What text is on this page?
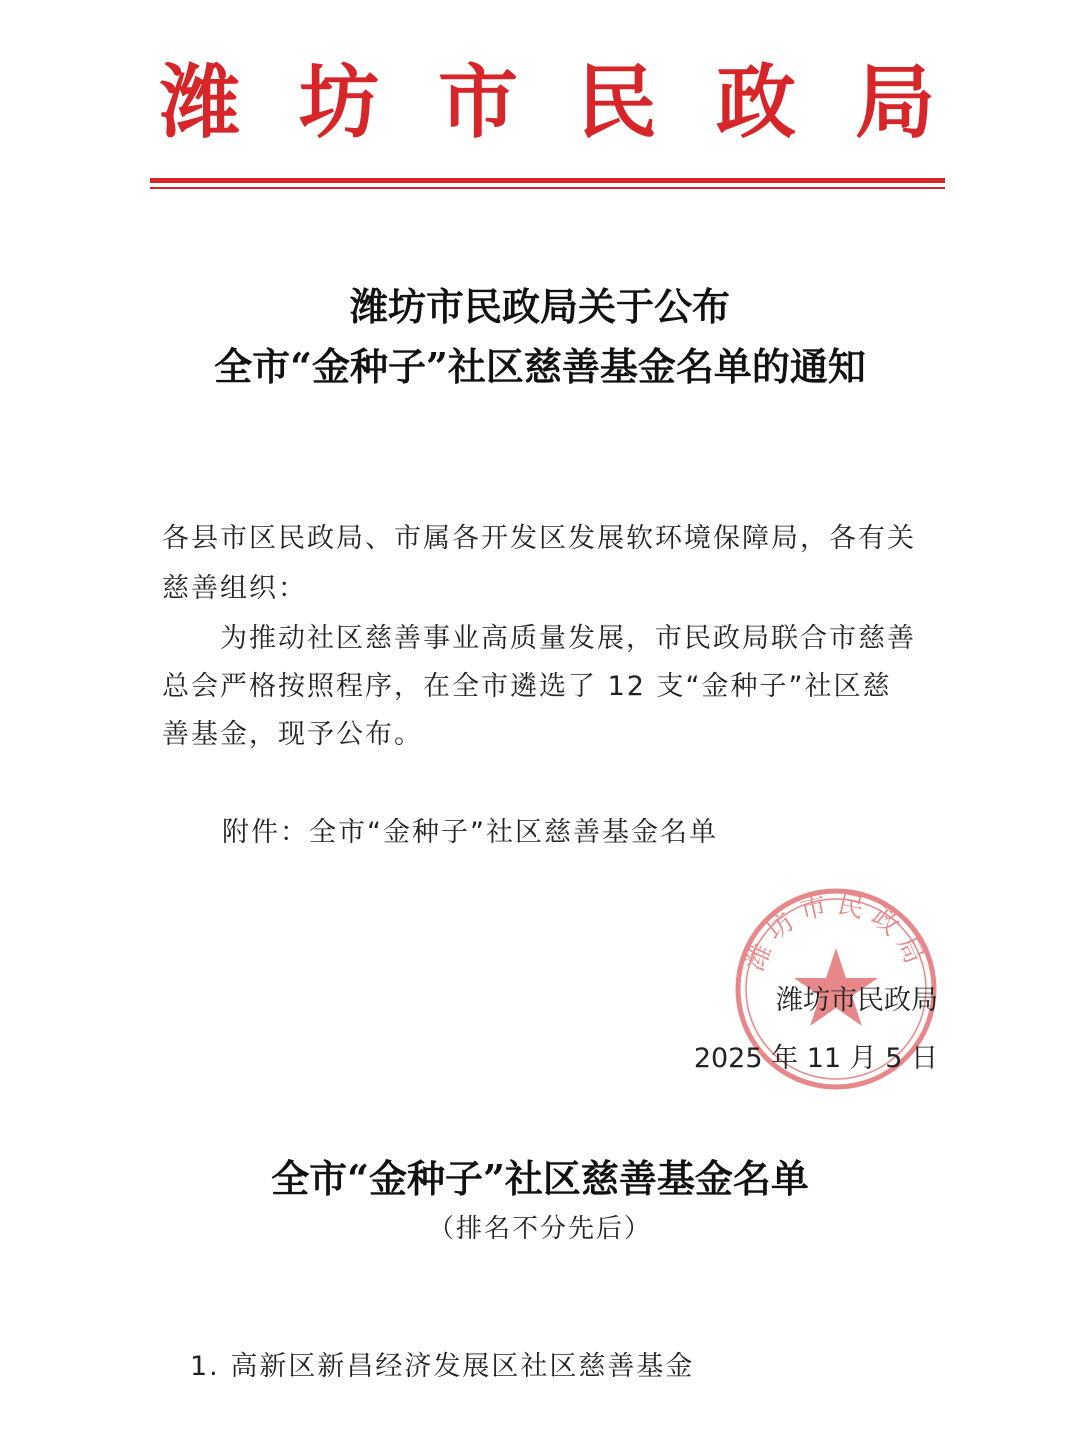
潍 坊 市 民 政 局
潍坊市民政局关于公布
全市“金种子”社区慈善基金名单的通知
各县市区民政局、市属各开发区发展软环境保障局，各有关
慈善组织：
　　为推动社区慈善事业高质量发展，市民政局联合市慈善
总会严格按照程序，在全市遴选了 12 支“金种子”社区慈
善基金，现予公布。
附件：全市“金种子”社区慈善基金名单
潍坊市民政局
潍坊市民政局
2025 年 11 月 5 日
全市“金种子”社区慈善基金名单
（排名不分先后）
1. 高新区新昌经济发展区社区慈善基金
